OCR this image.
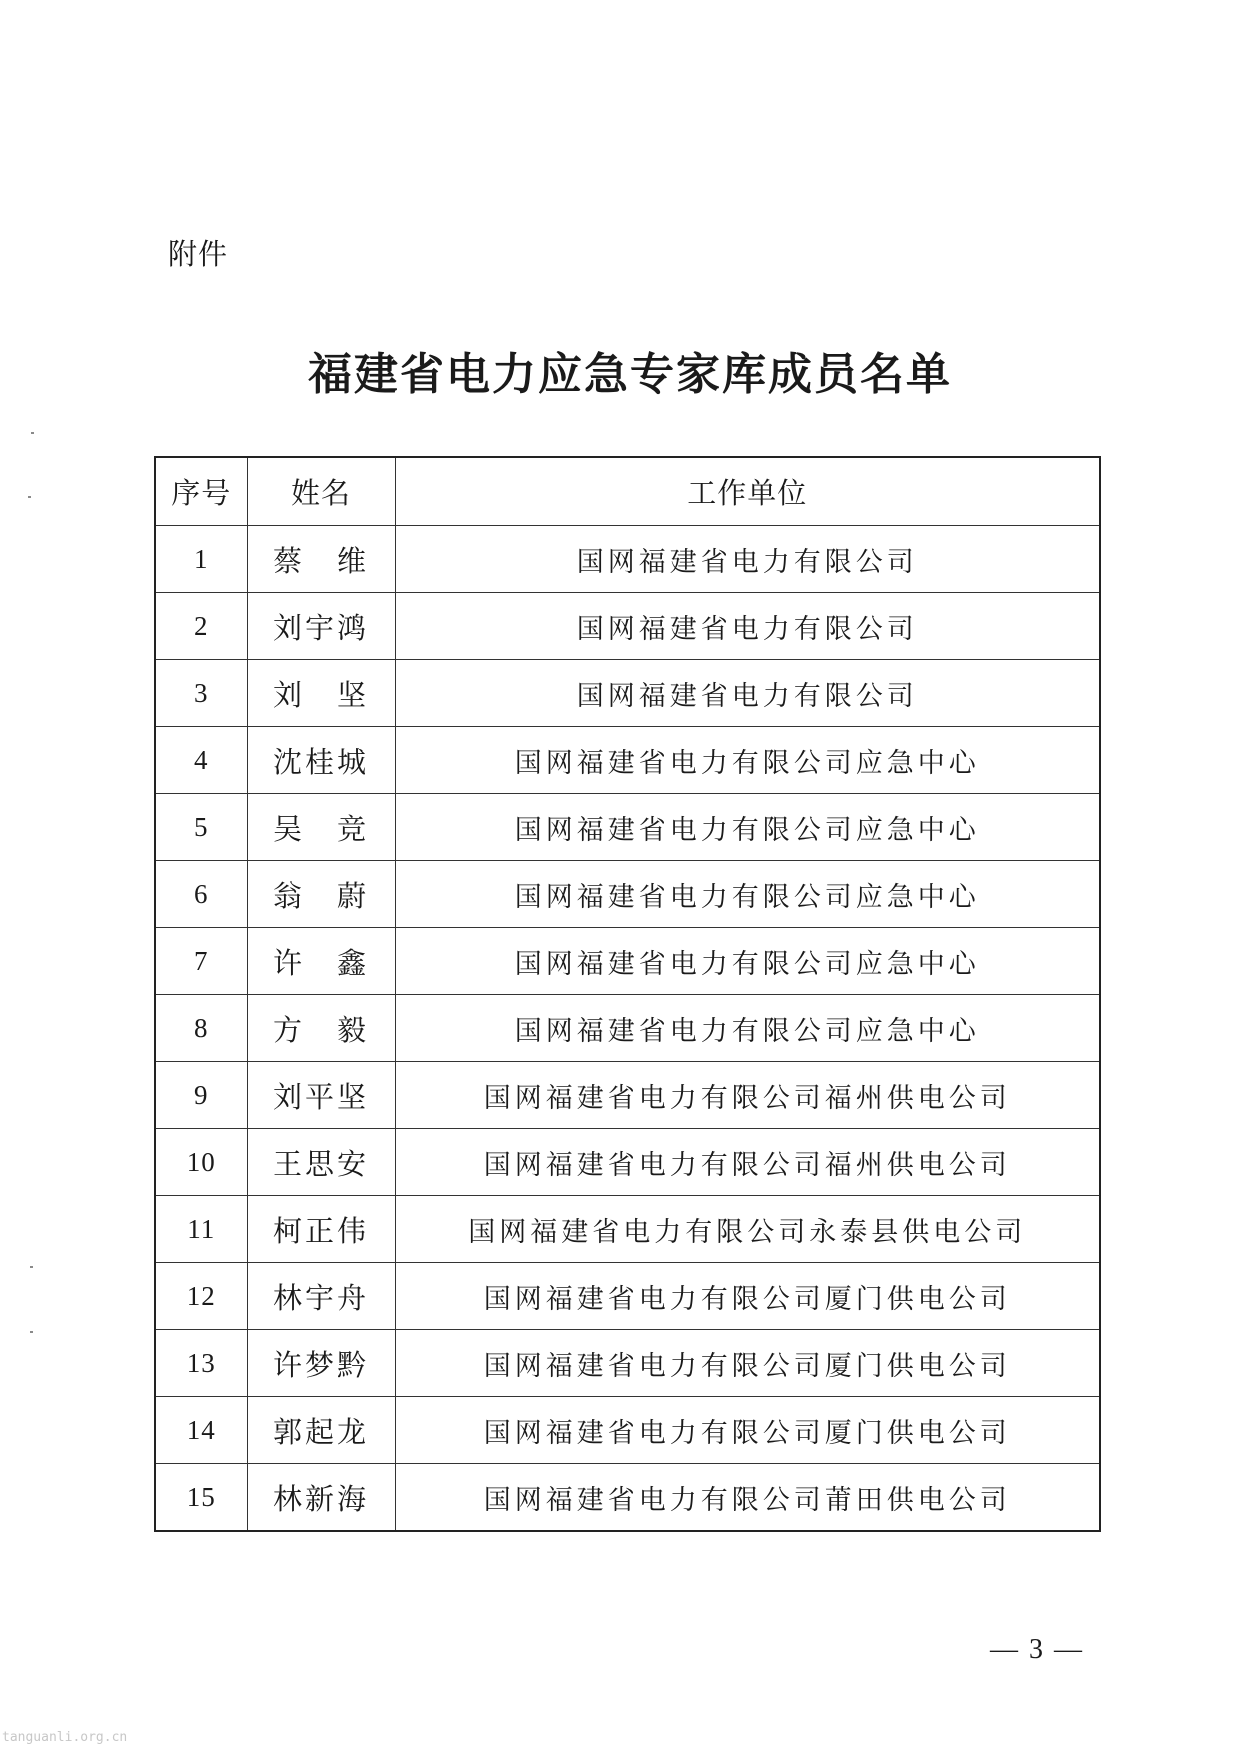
附件
福建省电力应急专家库成员名单
序号	姓名	工作单位
1	蔡　维	国网福建省电力有限公司
2	刘宇鸿	国网福建省电力有限公司
3	刘　坚	国网福建省电力有限公司
4	沈桂城	国网福建省电力有限公司应急中心
5	吴　竞	国网福建省电力有限公司应急中心
6	翁　蔚	国网福建省电力有限公司应急中心
7	许　鑫	国网福建省电力有限公司应急中心
8	方　毅	国网福建省电力有限公司应急中心
9	刘平坚	国网福建省电力有限公司福州供电公司
10	王思安	国网福建省电力有限公司福州供电公司
11	柯正伟	国网福建省电力有限公司永泰县供电公司
12	林宇舟	国网福建省电力有限公司厦门供电公司
13	许梦黔	国网福建省电力有限公司厦门供电公司
14	郭起龙	国网福建省电力有限公司厦门供电公司
15	林新海	国网福建省电力有限公司莆田供电公司
— 3 —
tanguanli.org.cn
